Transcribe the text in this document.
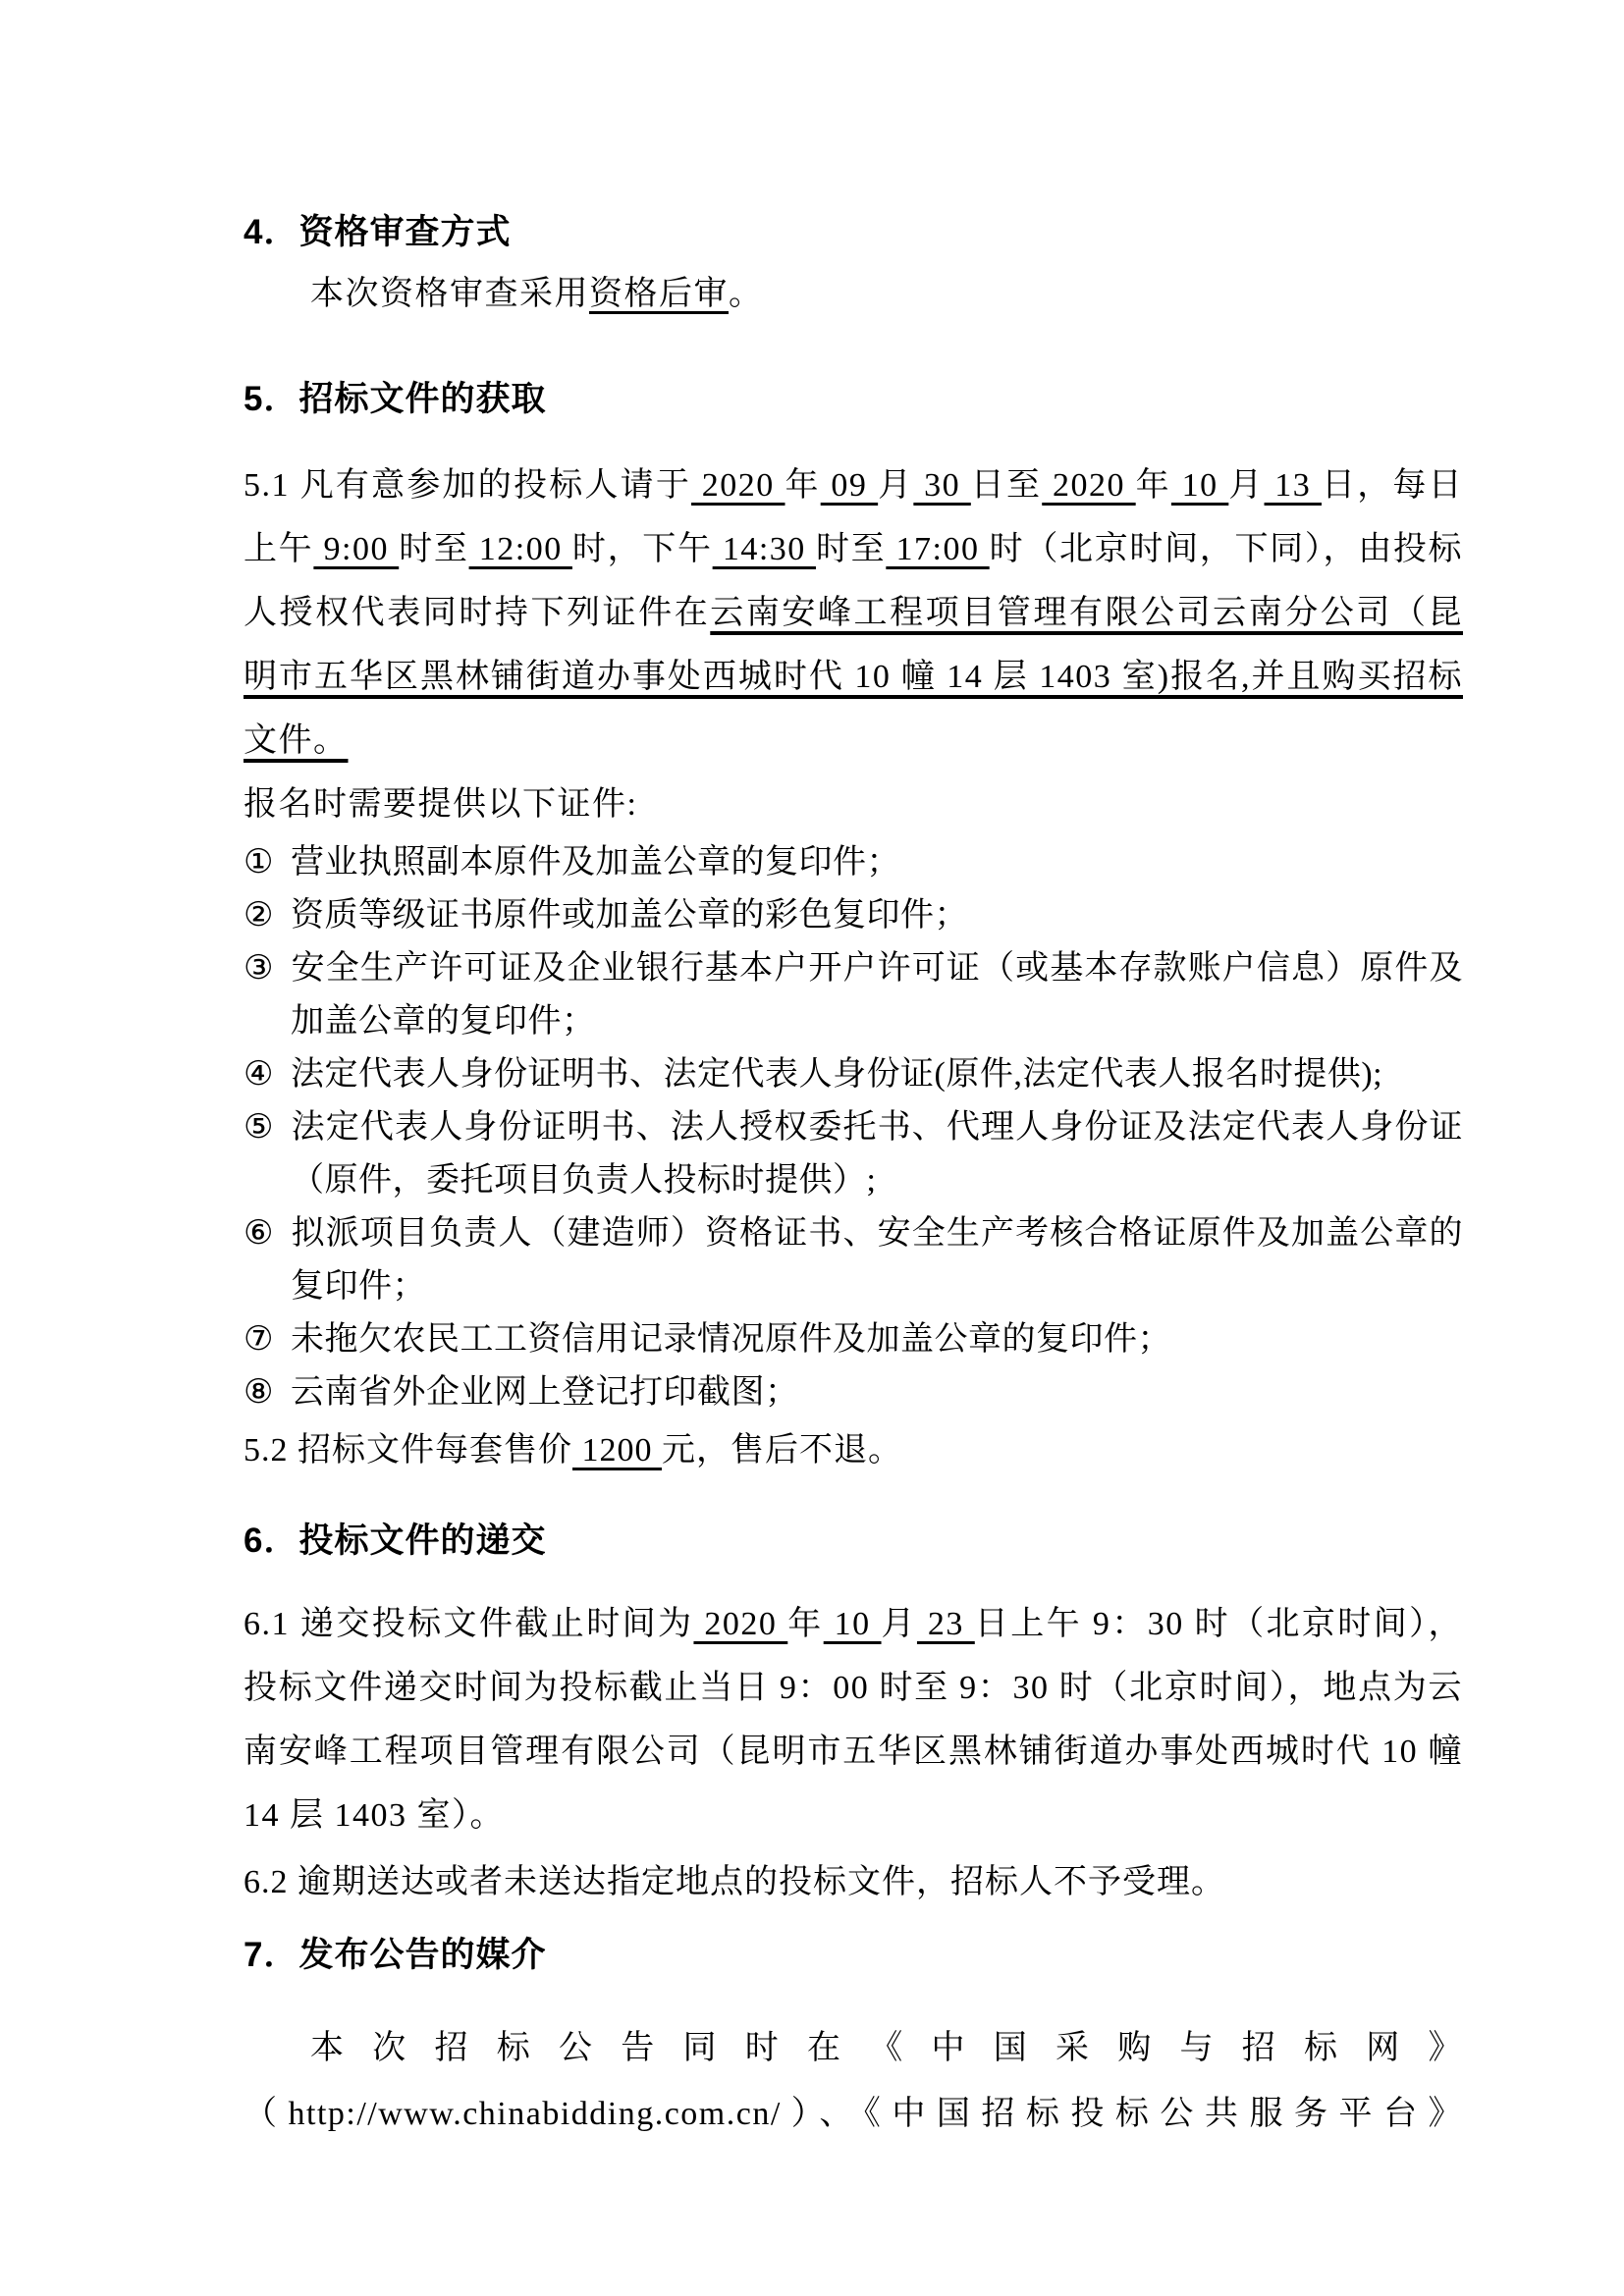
4．资格审查方式

本次资格审查采用资格后审。

5．招标文件的获取

5.1 凡有意参加的投标人请于 2020 年 09 月 30 日至 2020 年 10 月 13 日，每日上午 9:00 时至 12:00 时，下午 14:30 时至 17:00 时（北京时间，下同），由投标人授权代表同时持下列证件在云南安峰工程项目管理有限公司云南分公司（昆明市五华区黑林铺街道办事处西城时代 10 幢 14 层 1403 室)报名,并且购买招标文件。

报名时需要提供以下证件:

① 营业执照副本原件及加盖公章的复印件；
② 资质等级证书原件或加盖公章的彩色复印件；
③ 安全生产许可证及企业银行基本户开户许可证（或基本存款账户信息）原件及加盖公章的复印件；
④ 法定代表人身份证明书、法定代表人身份证(原件,法定代表人报名时提供);
⑤ 法定代表人身份证明书、法人授权委托书、代理人身份证及法定代表人身份证（原件，委托项目负责人投标时提供）;
⑥ 拟派项目负责人（建造师）资格证书、安全生产考核合格证原件及加盖公章的复印件；
⑦ 未拖欠农民工工资信用记录情况原件及加盖公章的复印件；
⑧ 云南省外企业网上登记打印截图；

5.2 招标文件每套售价 1200 元，售后不退。

6．投标文件的递交

6.1 递交投标文件截止时间为 2020 年 10 月 23 日上午 9：30 时（北京时间），投标文件递交时间为投标截止当日 9：00 时至 9：30 时（北京时间），地点为云南安峰工程项目管理有限公司（昆明市五华区黑林铺街道办事处西城时代 10 幢 14 层 1403 室）。

6.2 逾期送达或者未送达指定地点的投标文件，招标人不予受理。

7．发布公告的媒介

本次招标公告同时在《中国采购与招标网》
（http://www.chinabidding.com.cn/）、《中国招标投标公共服务平台》
